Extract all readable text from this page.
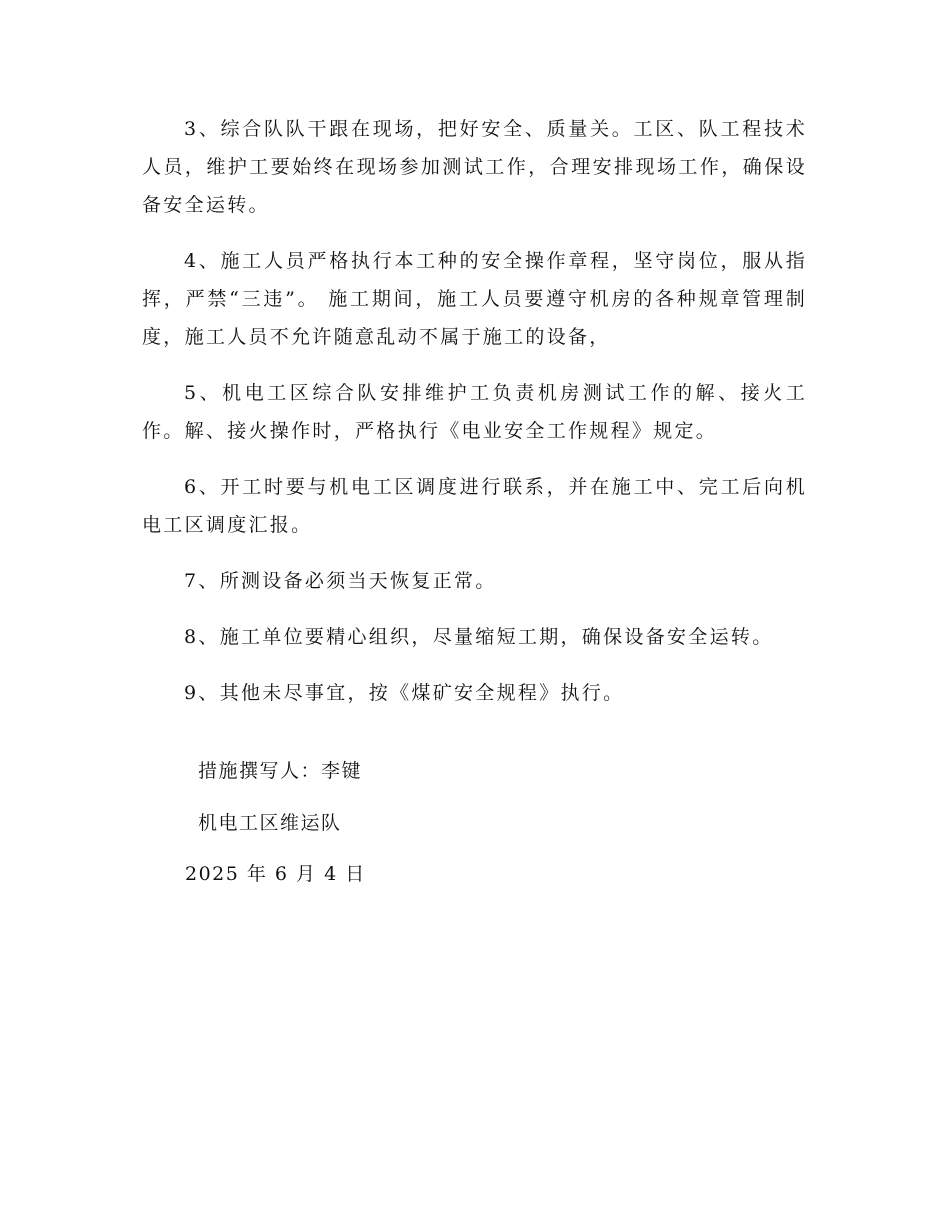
3、综合队队干跟在现场，把好安全、质量关。工区、队工程技术人员，维护工要始终在现场参加测试工作，合理安排现场工作，确保设备安全运转。

4、施工人员严格执行本工种的安全操作章程，坚守岗位，服从指挥，严禁“三违”。 施工期间，施工人员要遵守机房的各种规章管理制度，施工人员不允许随意乱动不属于施工的设备，

5、机电工区综合队安排维护工负责机房测试工作的解、接火工作。解、接火操作时，严格执行《电业安全工作规程》规定。

6、开工时要与机电工区调度进行联系，并在施工中、完工后向机电工区调度汇报。

7、所测设备必须当天恢复正常。

8、施工单位要精心组织，尽量缩短工期，确保设备安全运转。

9、其他未尽事宜，按《煤矿安全规程》执行。

措施撰写人：李键
机电工区维运队
2025 年 6 月 4 日
